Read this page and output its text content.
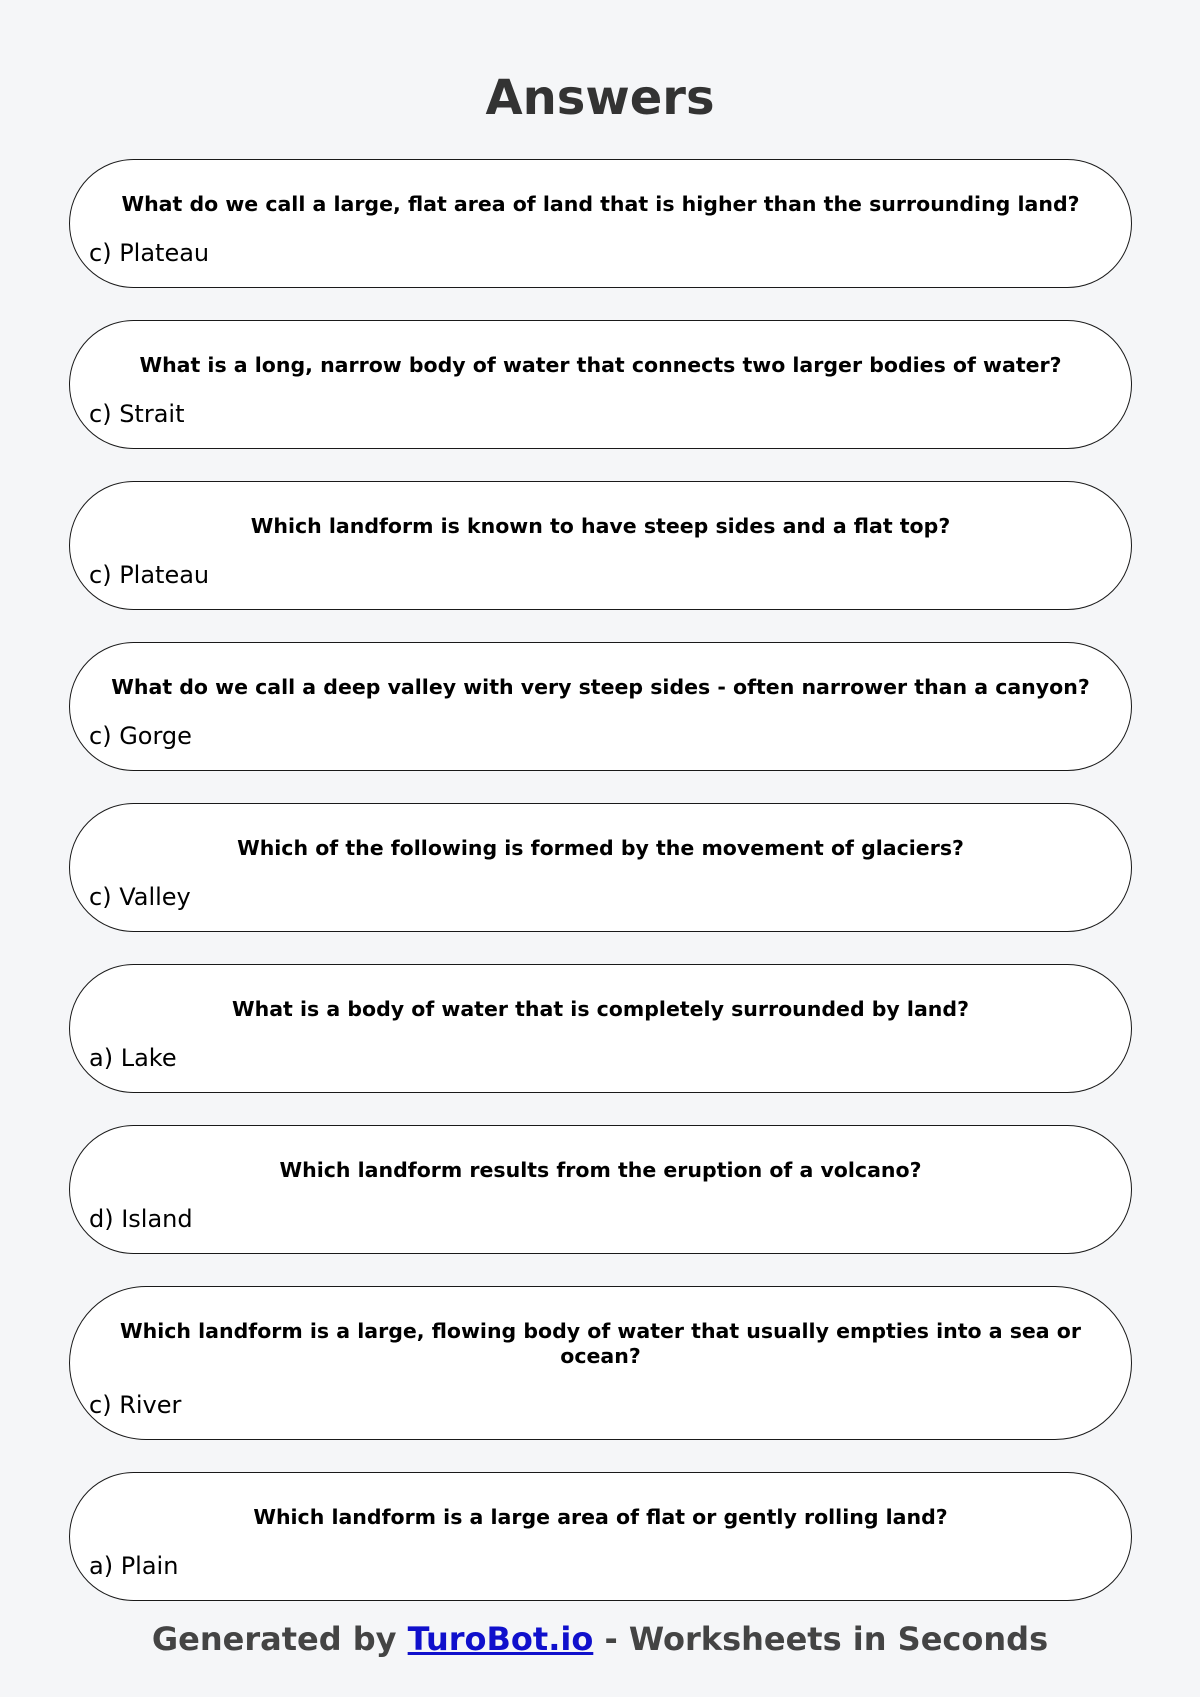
Answers

What do we call a large, flat area of land that is higher than the surrounding land?

c) Plateau

What is a long, narrow body of water that connects two larger bodies of water?

c) Strait

Which landform is known to have steep sides and a flat top?

c) Plateau

What do we call a deep valley with very steep sides - often narrower than a canyon?

c) Gorge

Which of the following is formed by the movement of glaciers?

c) Valley

What is a body of water that is completely surrounded by land?

a) Lake

Which landform results from the eruption of a volcano?

d) Island

Which landform is a large, flowing body of water that usually empties into a sea or ocean?

c) River

Which landform is a large area of flat or gently rolling land?

a) Plain

Generated by TuroBot.io - Worksheets in Seconds
